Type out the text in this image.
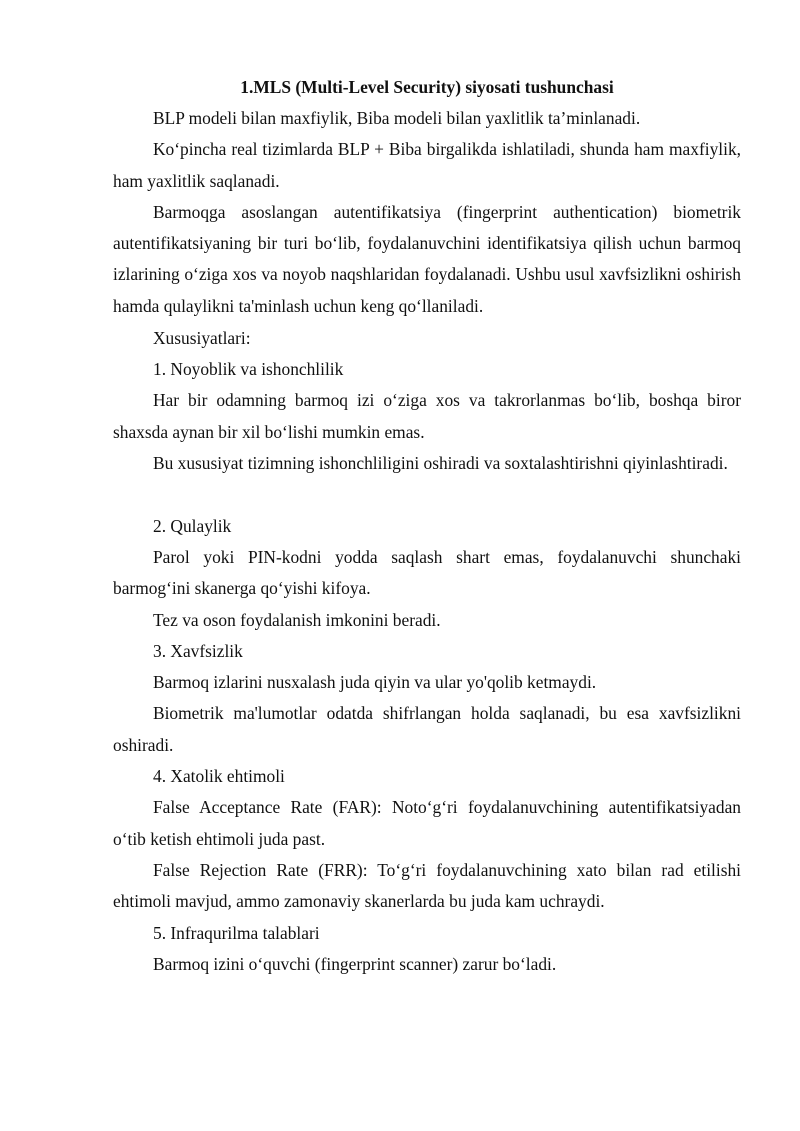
1.MLS (Multi-Level Security) siyosati tushunchasi

BLP modeli bilan maxfiylik, Biba modeli bilan yaxlitlik ta’minlanadi.

Ko‘pincha real tizimlarda BLP + Biba birgalikda ishlatiladi, shunda ham maxfiylik, ham yaxlitlik saqlanadi.

Barmoqga asoslangan autentifikatsiya (fingerprint authentication) biometrik autentifikatsiyaning bir turi bo‘lib, foydalanuvchini identifikatsiya qilish uchun barmoq izlarining o‘ziga xos va noyob naqshlaridan foydalanadi. Ushbu usul xavfsizlikni oshirish hamda qulaylikni ta'minlash uchun keng qo‘llaniladi.

Xususiyatlari:

1. Noyoblik va ishonchlilik

Har bir odamning barmoq izi o‘ziga xos va takrorlanmas bo‘lib, boshqa biror shaxsda aynan bir xil bo‘lishi mumkin emas.

Bu xususiyat tizimning ishonchliligini oshiradi va soxtalashtirishni qiyinlashtiradi.

2. Qulaylik

Parol yoki PIN-kodni yodda saqlash shart emas, foydalanuvchi shunchaki barmog‘ini skanerga qo‘yishi kifoya.

Tez va oson foydalanish imkonini beradi.

3. Xavfsizlik

Barmoq izlarini nusxalash juda qiyin va ular yo'qolib ketmaydi.

Biometrik ma'lumotlar odatda shifrlangan holda saqlanadi, bu esa xavfsizlikni oshiradi.

4. Xatolik ehtimoli

False Acceptance Rate (FAR): Noto‘g‘ri foydalanuvchining autentifikatsiyadan o‘tib ketish ehtimoli juda past.

False Rejection Rate (FRR): To‘g‘ri foydalanuvchining xato bilan rad etilishi ehtimoli mavjud, ammo zamonaviy skanerlarda bu juda kam uchraydi.

5. Infraqurilma talablari

Barmoq izini o‘quvchi (fingerprint scanner) zarur bo‘ladi.
